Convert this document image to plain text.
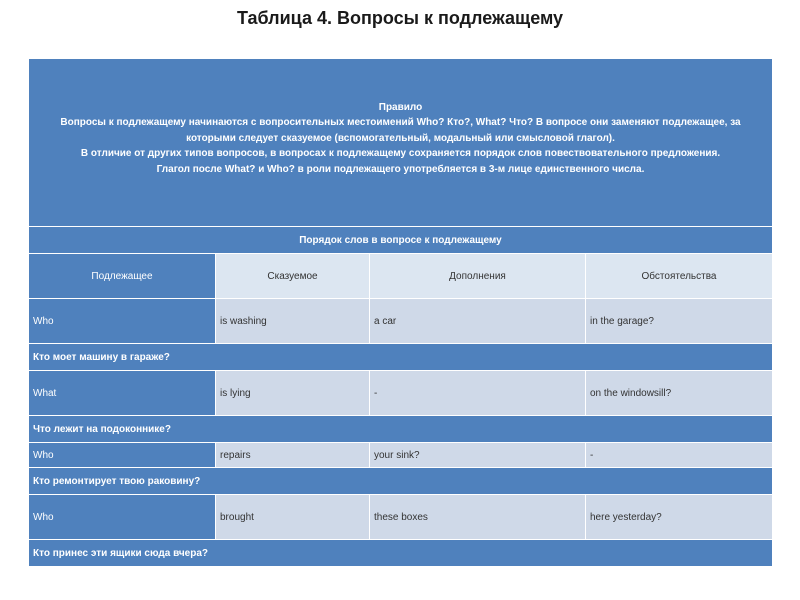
Таблица 4. Вопросы к подлежащему
Правило
Вопросы к подлежащему начинаются с вопросительных местоимений Who? Кто?, What? Что? В вопросе они заменяют подлежащее, за которыми следует сказуемое (вспомогательный, модальный или смысловой глагол).
В отличие от других типов вопросов, в вопросах к подлежащему сохраняется порядок слов повествовательного предложения.
Глагол после What? и Who? в роли подлежащего употребляется в 3-м лице единственного числа.			

Порядок слов в вопросе к подлежащему			
Подлежащее	Сказуемое	Дополнения	Обстоятельства
Who	is washing	a car	in the garage?
Кто моет машину в гараже?			
What	is lying	-	on the windowsill?
Что лежит на подоконнике?			
Who	repairs	your sink?	-
Кто ремонтирует твою раковину?			
Who	brought	these boxes	here yesterday?
Кто принес эти ящики сюда вчера?			
